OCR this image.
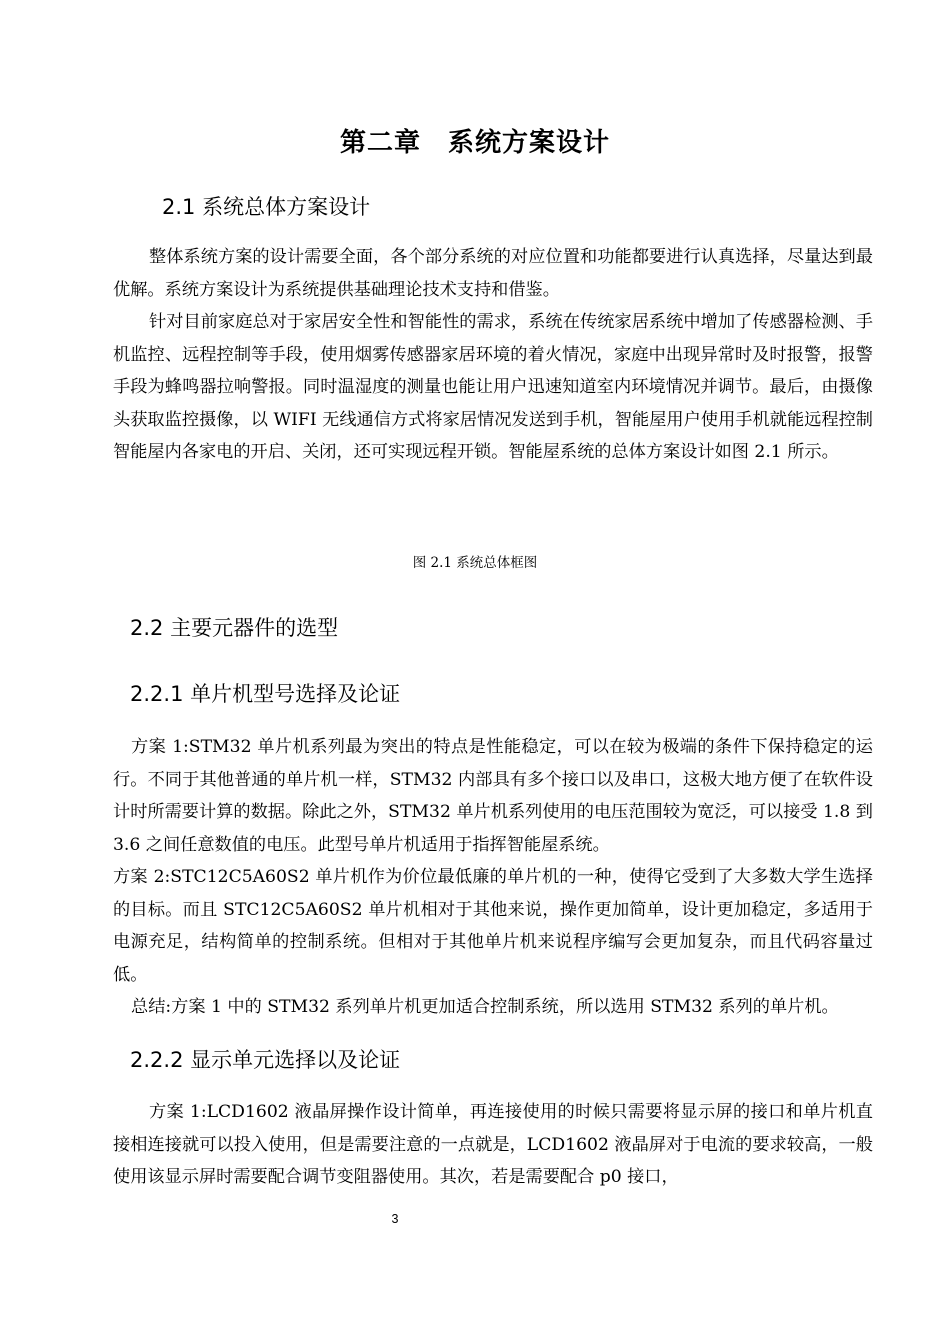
第二章　系统方案设计
2.1 系统总体方案设计

整体系统方案的设计需要全面，各个部分系统的对应位置和功能都要进行认真选择，尽量达到最优解。系统方案设计为系统提供基础理论技术支持和借鉴。

针对目前家庭总对于家居安全性和智能性的需求，系统在传统家居系统中增加了传感器检测、手机监控、远程控制等手段，使用烟雾传感器家居环境的着火情况，家庭中出现异常时及时报警，报警手段为蜂鸣器拉响警报。同时温湿度的测量也能让用户迅速知道室内环境情况并调节。最后，由摄像头获取监控摄像，以 WIFI 无线通信方式将家居情况发送到手机，智能屋用户使用手机就能远程控制智能屋内各家电的开启、关闭，还可实现远程开锁。智能屋系统的总体方案设计如图 2.1 所示。

图 2.1 系统总体框图

2.2 主要元器件的选型
2.2.1 单片机型号选择及论证

方案 1:STM32 单片机系列最为突出的特点是性能稳定，可以在较为极端的条件下保持稳定的运行。不同于其他普通的单片机一样，STM32 内部具有多个接口以及串口，这极大地方便了在软件设计时所需要计算的数据。除此之外，STM32 单片机系列使用的电压范围较为宽泛，可以接受 1.8 到 3.6 之间任意数值的电压。此型号单片机适用于指挥智能屋系统。

方案 2:STC12C5A60S2 单片机作为价位最低廉的单片机的一种，使得它受到了大多数大学生选择的目标。而且 STC12C5A60S2 单片机相对于其他来说，操作更加简单，设计更加稳定，多适用于电源充足，结构简单的控制系统。但相对于其他单片机来说程序编写会更加复杂，而且代码容量过低。

总结:方案 1 中的 STM32 系列单片机更加适合控制系统，所以选用 STM32 系列的单片机。

2.2.2 显示单元选择以及论证

方案 1:LCD1602 液晶屏操作设计简单，再连接使用的时候只需要将显示屏的接口和单片机直接相连接就可以投入使用，但是需要注意的一点就是，LCD1602 液晶屏对于电流的要求较高，一般使用该显示屏时需要配合调节变阻器使用。其次，若是需要配合 p0 接口，

3
